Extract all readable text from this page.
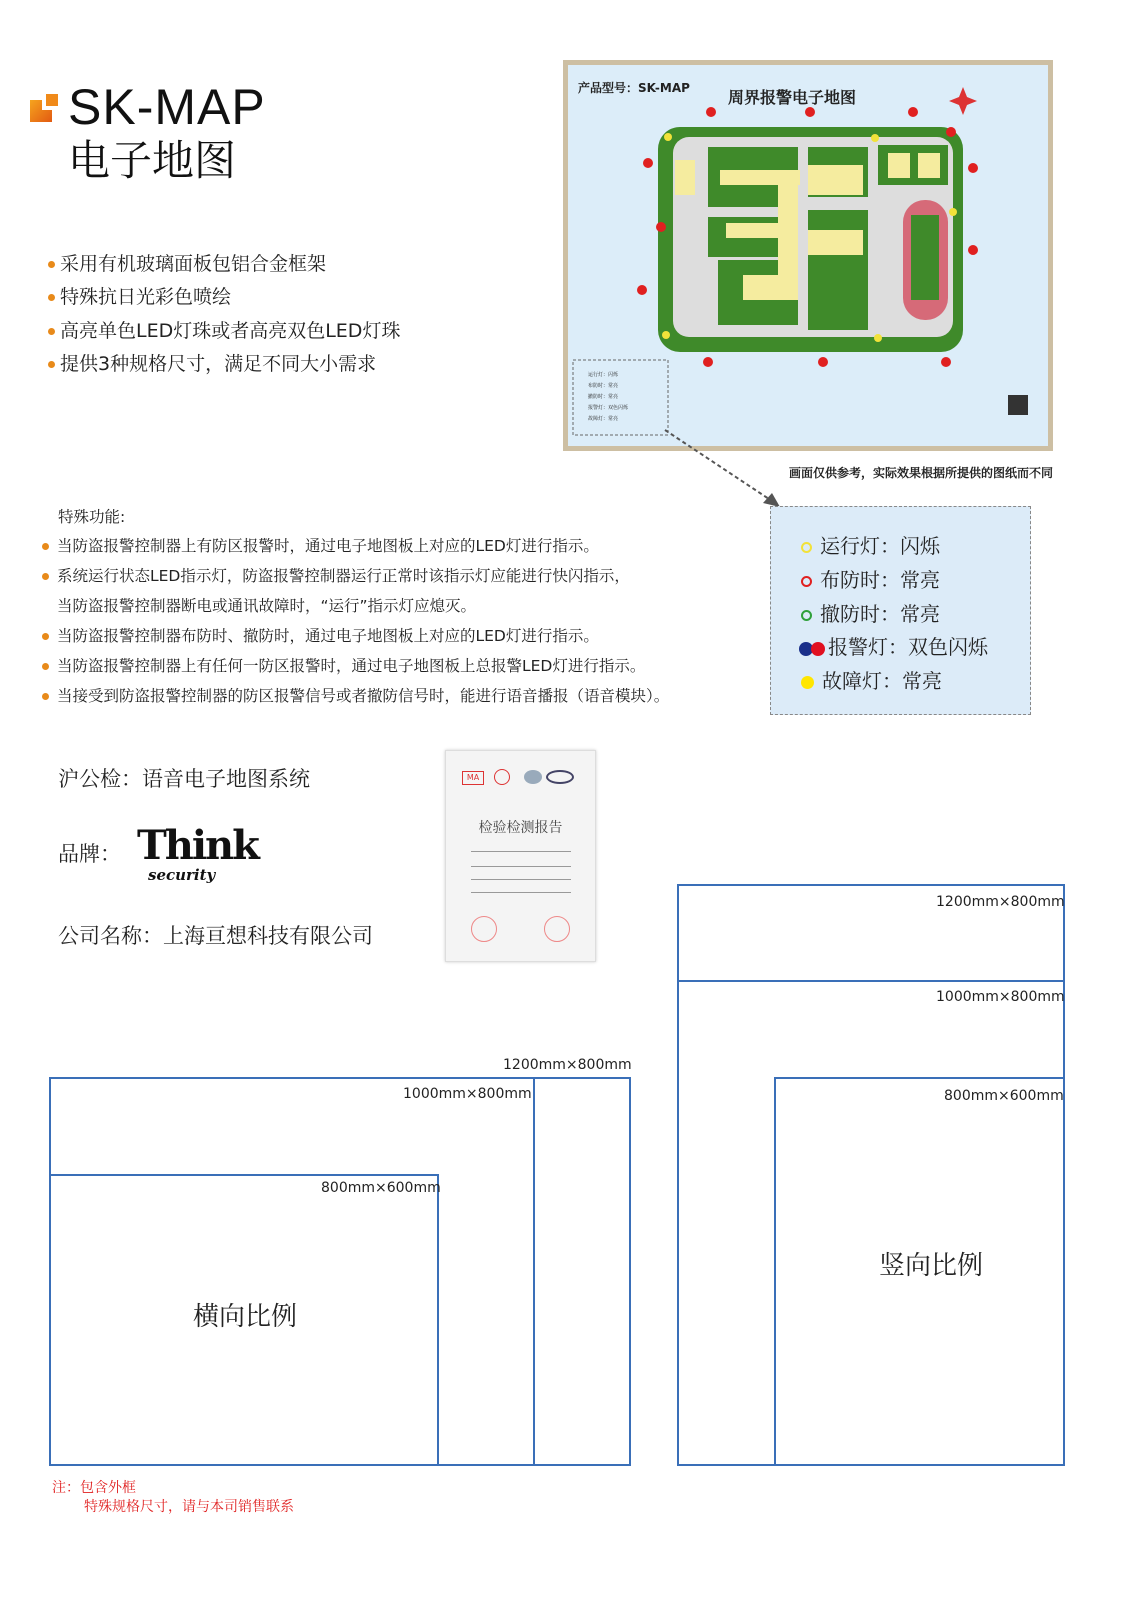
SK-MAP
电子地图
采用有机玻璃面板包铝合金框架
特殊抗日光彩色喷绘
高亮单色LED灯珠或者高亮双色LED灯珠
提供3种规格尺寸，满足不同大小需求
产品型号：SK-MAP 周界报警电子地图
运行灯：闪烁
布防时：常亮
撤防时：常亮
报警灯：双色闪烁
故障灯：常亮
画面仅供参考，实际效果根据所提供的图纸而不同
特殊功能:
当防盗报警控制器上有防区报警时，通过电子地图板上对应的LED灯进行指示。
系统运行状态LED指示灯，防盗报警控制器运行正常时该指示灯应能进行快闪指示，
当防盗报警控制器断电或通讯故障时，“运行”指示灯应熄灭。
当防盗报警控制器布防时、撤防时，通过电子地图板上对应的LED灯进行指示。
当防盗报警控制器上有任何一防区报警时，通过电子地图板上总报警LED灯进行指示。
当接受到防盗报警控制器的防区报警信号或者撤防信号时，能进行语音播报（语音模块）。
运行灯：闪烁
布防时：常亮
撤防时：常亮
报警灯：双色闪烁
故障灯：常亮
沪公检：语音电子地图系统
品牌： Think
security
公司名称：上海亘想科技有限公司
MA
检验检测报告
1200mm×800mm
1000mm×800mm
800mm×600mm
横向比例
1200mm×800mm
1000mm×800mm
800mm×600mm
竖向比例
注：包含外框
特殊规格尺寸，请与本司销售联系
